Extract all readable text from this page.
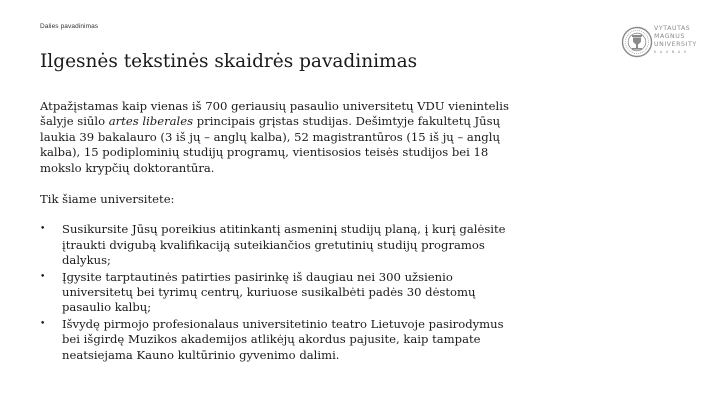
Dalies pavadinimas
Ilgesnės tekstinės skaidrės pavadinimas
VYTAUTAS
MAGNUS
UNIVERSITY
K A U N A S

Atpažįstamas kaip vienas iš 700 geriausių pasaulio universitetų VDU vienintelis šalyje siūlo artes liberales principais grįstas studijas. Dešimtyje fakultetų Jūsų laukia 39 bakalauro (3 iš jų – anglų kalba), 52 magistrantūros (15 iš jų – anglų kalba), 15 podiplominių studijų programų, vientisosios teisės studijos bei 18 mokslo krypčių doktorantūra.

Tik šiame universitete:
• Susikursite Jūsų poreikius atitinkantį asmeninį studijų planą, į kurį galėsite įtraukti dvigubą kvalifikaciją suteikiančios gretutinių studijų programos dalykus;
• Įgysite tarptautinės patirties pasirinkę iš daugiau nei 300 užsienio universitetų bei tyrimų centrų, kuriuose susikalbėti padės 30 dėstomų pasaulio kalbų;
• Išvydę pirmojo profesionalaus universitetinio teatro Lietuvoje pasirodymus bei išgirdę Muzikos akademijos atlikėjų akordus pajusite, kaip tampate neatsiejama Kauno kultūrinio gyvenimo dalimi.
